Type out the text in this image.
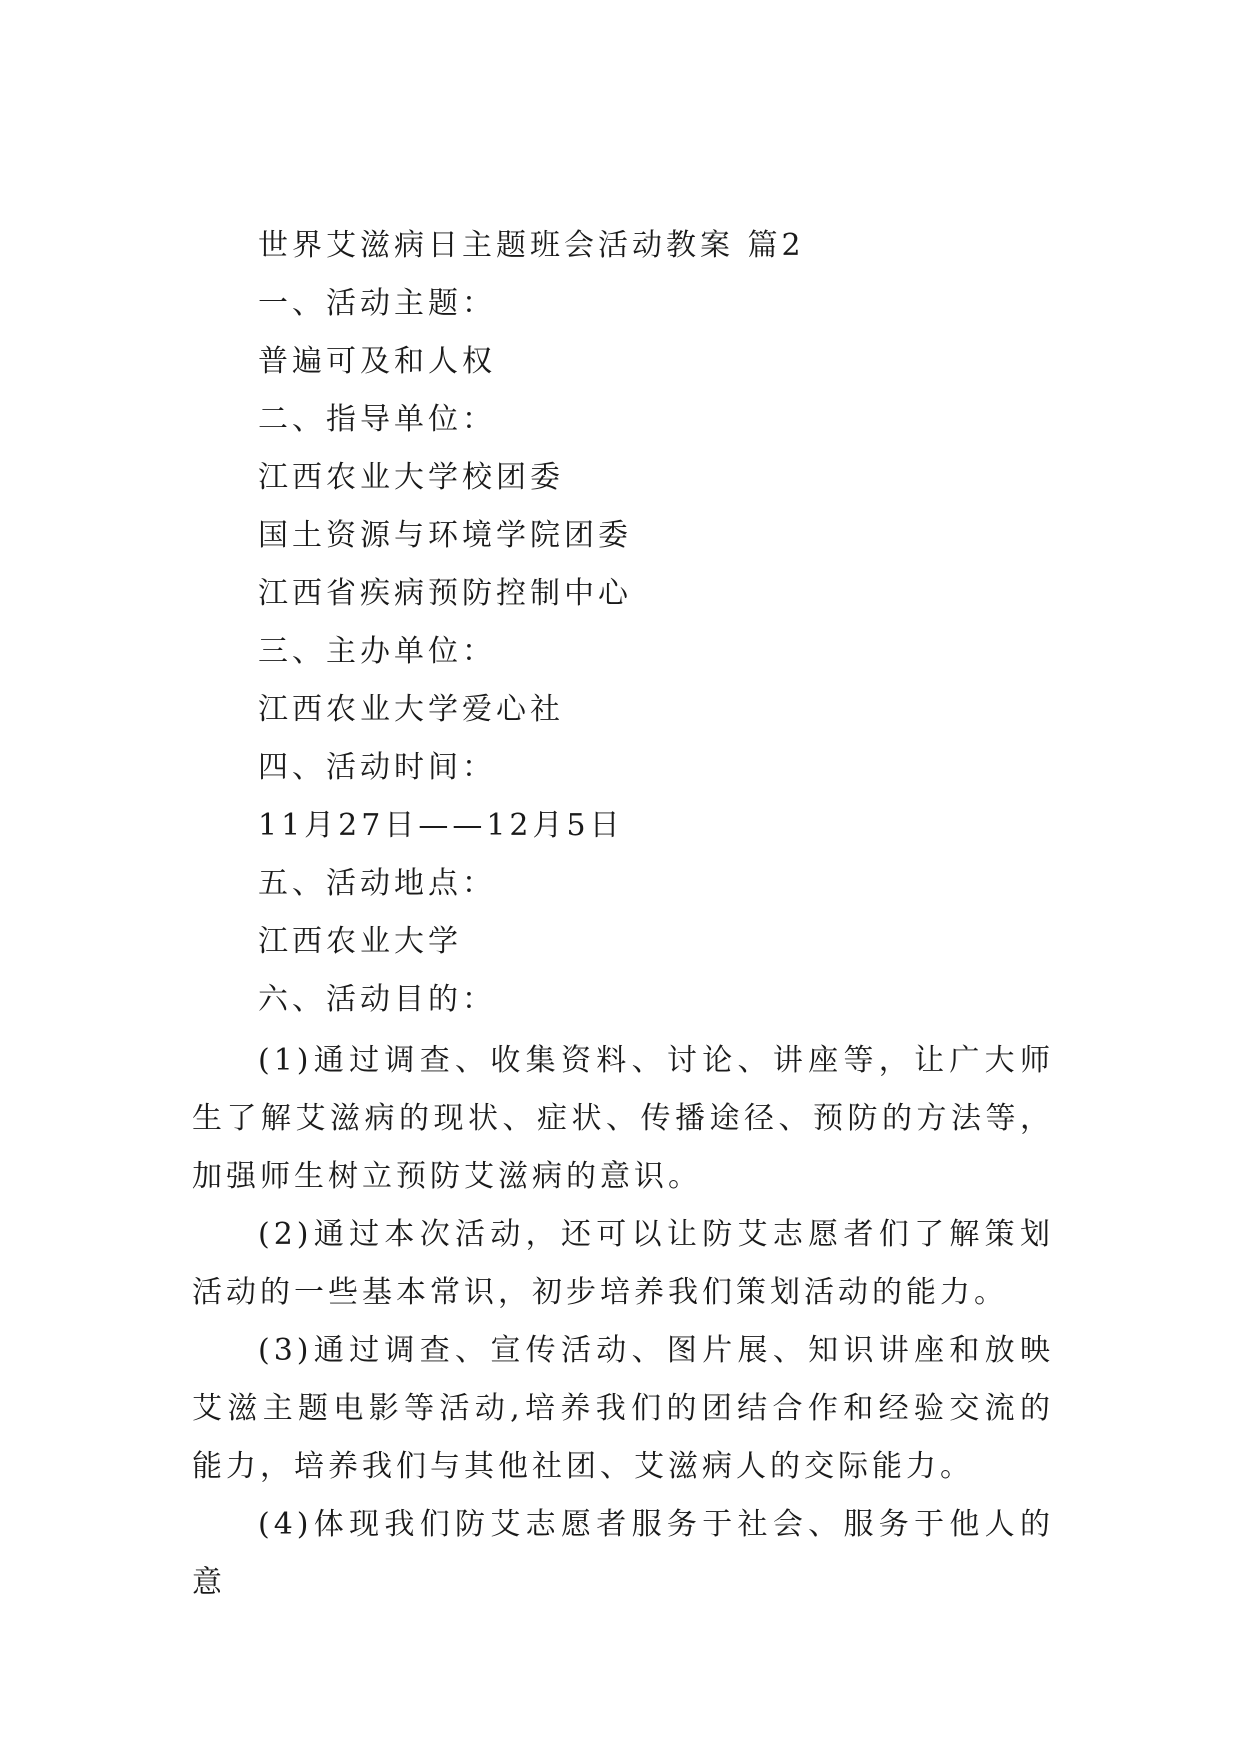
世界艾滋病日主题班会活动教案 篇2
一、活动主题：
普遍可及和人权
二、指导单位：
江西农业大学校团委
国土资源与环境学院团委
江西省疾病预防控制中心
三、主办单位：
江西农业大学爱心社
四、活动时间：
11月27日——12月5日
五、活动地点：
江西农业大学
六、活动目的：

(1)通过调查、收集资料、讨论、讲座等，让广大师生了解艾滋病的现状、症状、传播途径、预防的方法等，加强师生树立预防艾滋病的意识。

(2)通过本次活动，还可以让防艾志愿者们了解策划活动的一些基本常识，初步培养我们策划活动的能力。

(3)通过调查、宣传活动、图片展、知识讲座和放映艾滋主题电影等活动,培养我们的团结合作和经验交流的能力，培养我们与其他社团、艾滋病人的交际能力。

(4)体现我们防艾志愿者服务于社会、服务于他人的意
